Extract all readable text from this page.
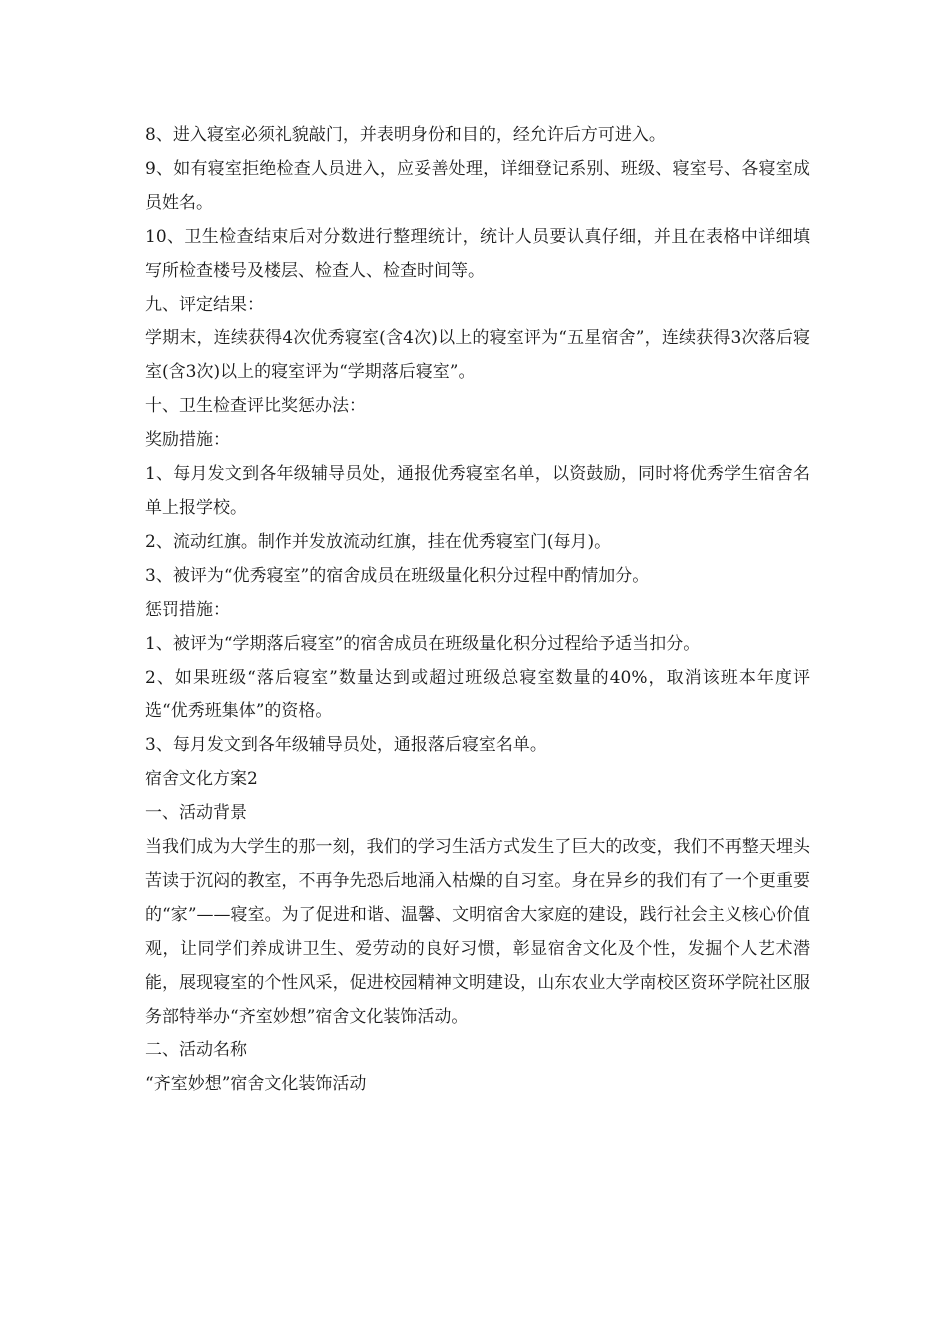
8、进入寝室必须礼貌敲门，并表明身份和目的，经允许后方可进入。

9、如有寝室拒绝检查人员进入，应妥善处理，详细登记系别、班级、寝室号、各寝室成员姓名。

10、卫生检查结束后对分数进行整理统计，统计人员要认真仔细，并且在表格中详细填写所检查楼号及楼层、检查人、检查时间等。

九、评定结果：

学期末，连续获得4次优秀寝室(含4次)以上的寝室评为“五星宿舍”，连续获得3次落后寝室(含3次)以上的寝室评为“学期落后寝室”。

十、卫生检查评比奖惩办法：

奖励措施：

1、每月发文到各年级辅导员处，通报优秀寝室名单，以资鼓励，同时将优秀学生宿舍名单上报学校。

2、流动红旗。制作并发放流动红旗，挂在优秀寝室门(每月)。

3、被评为“优秀寝室”的宿舍成员在班级量化积分过程中酌情加分。

惩罚措施：

1、被评为“学期落后寝室”的宿舍成员在班级量化积分过程给予适当扣分。

2、如果班级“落后寝室”数量达到或超过班级总寝室数量的40%，取消该班本年度评选“优秀班集体”的资格。

3、每月发文到各年级辅导员处，通报落后寝室名单。

宿舍文化方案2

一、活动背景

当我们成为大学生的那一刻，我们的学习生活方式发生了巨大的改变，我们不再整天埋头苦读于沉闷的教室，不再争先恐后地涌入枯燥的自习室。身在异乡的我们有了一个更重要的“家”——寝室。为了促进和谐、温馨、文明宿舍大家庭的建设，践行社会主义核心价值观，让同学们养成讲卫生、爱劳动的良好习惯，彰显宿舍文化及个性，发掘个人艺术潜能，展现寝室的个性风采，促进校园精神文明建设，山东农业大学南校区资环学院社区服务部特举办“齐室妙想”宿舍文化装饰活动。

二、活动名称

“齐室妙想”宿舍文化装饰活动
